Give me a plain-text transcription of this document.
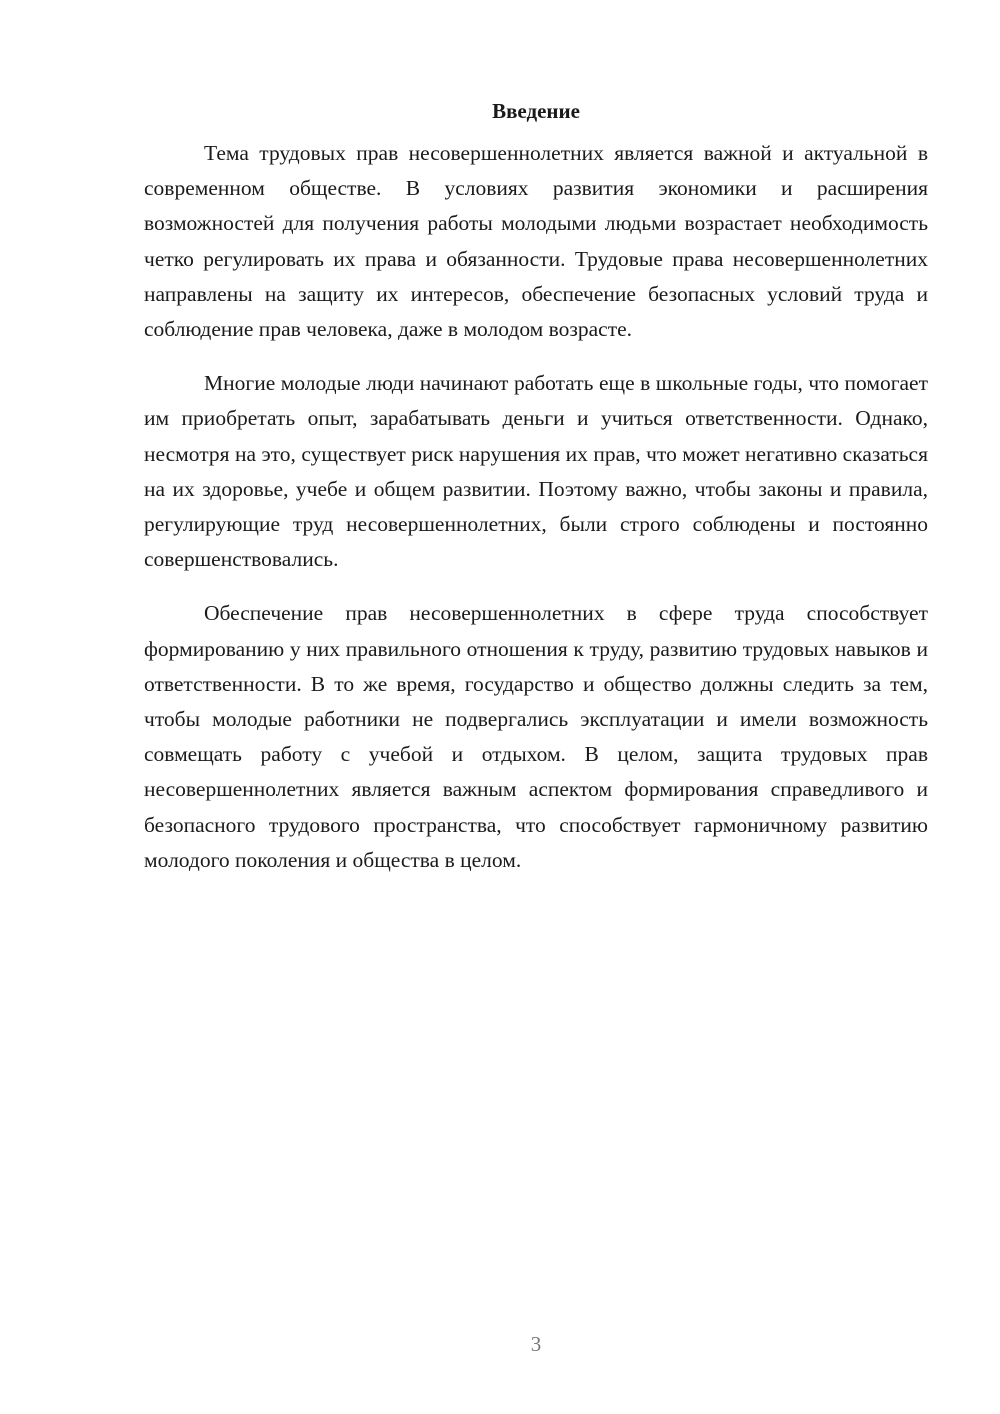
Введение

Тема трудовых прав несовершеннолетних является важной и актуальной в современном обществе. В условиях развития экономики и расширения возможностей для получения работы молодыми людьми возрастает необходимость четко регулировать их права и обязанности. Трудовые права несовершеннолетних направлены на защиту их интересов, обеспечение безопасных условий труда и соблюдение прав человека, даже в молодом возрасте.

Многие молодые люди начинают работать еще в школьные годы, что помогает им приобретать опыт, зарабатывать деньги и учиться ответственности. Однако, несмотря на это, существует риск нарушения их прав, что может негативно сказаться на их здоровье, учебе и общем развитии. Поэтому важно, чтобы законы и правила, регулирующие труд несовершеннолетних, были строго соблюдены и постоянно совершенствовались.

Обеспечение прав несовершеннолетних в сфере труда способствует формированию у них правильного отношения к труду, развитию трудовых навыков и ответственности. В то же время, государство и общество должны следить за тем, чтобы молодые работники не подвергались эксплуатации и имели возможность совмещать работу с учебой и отдыхом. В целом, защита трудовых прав несовершеннолетних является важным аспектом формирования справедливого и безопасного трудового пространства, что способствует гармоничному развитию молодого поколения и общества в целом.

3
